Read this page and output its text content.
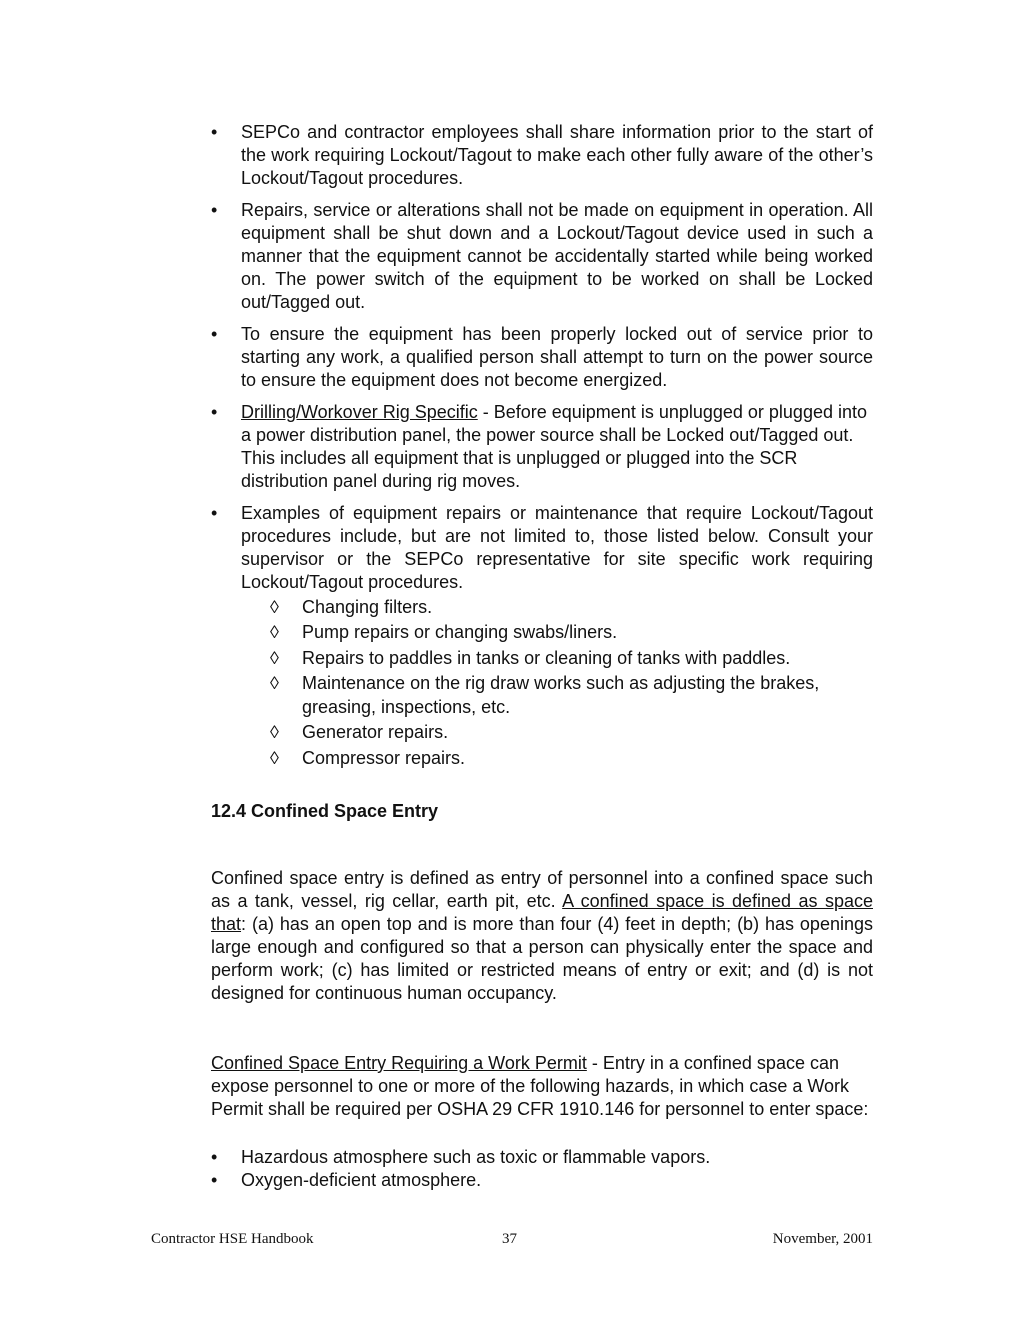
•	SEPCo and contractor employees shall share information prior to the start of the work requiring Lockout/Tagout to make each other fully aware of the other’s Lockout/Tagout procedures.
•	Repairs, service or alterations shall not be made on equipment in operation. All equipment shall be shut down and a Lockout/Tagout device used in such a manner that the equipment cannot be accidentally started while being worked on. The power switch of the equipment to be worked on shall be Locked out/Tagged out.
•	To ensure the equipment has been properly locked out of service prior to starting any work, a qualified person shall attempt to turn on the power source to ensure the equipment does not become energized.
•	Drilling/Workover Rig Specific - Before equipment is unplugged or plugged into a power distribution panel, the power source shall be Locked out/Tagged out. This includes all equipment that is unplugged or plugged into the SCR distribution panel during rig moves.
•	Examples of equipment repairs or maintenance that require Lockout/Tagout procedures include, but are not limited to, those listed below. Consult your supervisor or the SEPCo representative for site specific work requiring Lockout/Tagout procedures.
◊	Changing filters.
◊	Pump repairs or changing swabs/liners.
◊	Repairs to paddles in tanks or cleaning of tanks with paddles.
◊	Maintenance on the rig draw works such as adjusting the brakes, greasing, inspections, etc.
◊	Generator repairs.
◊	Compressor repairs.
12.4 Confined Space Entry
Confined space entry is defined as entry of personnel into a confined space such as a tank, vessel, rig cellar, earth pit, etc. A confined space is defined as space that: (a) has an open top and is more than four (4) feet in depth; (b) has openings large enough and configured so that a person can physically enter the space and perform work; (c) has limited or restricted means of entry or exit; and (d) is not designed for continuous human occupancy.
Confined Space Entry Requiring a Work Permit - Entry in a confined space can expose personnel to one or more of the following hazards, in which case a Work Permit shall be required per OSHA 29 CFR 1910.146 for personnel to enter space:
•	Hazardous atmosphere such as toxic or flammable vapors.
•	Oxygen-deficient atmosphere.
Contractor HSE Handbook	37	November, 2001
